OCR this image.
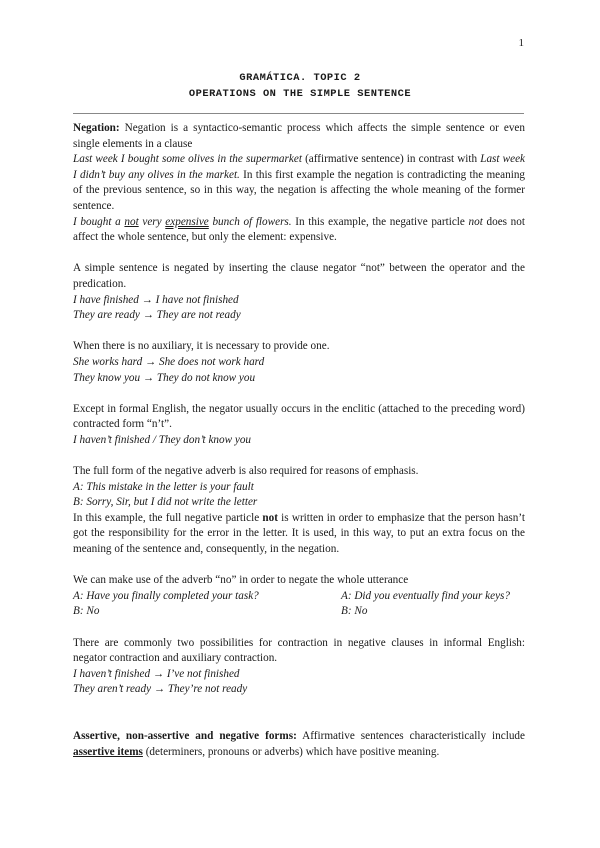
1
GRAMÁTICA. TOPIC 2
OPERATIONS ON THE SIMPLE SENTENCE

Negation: Negation is a syntactico-semantic process which affects the simple sentence or even single elements in a clause

Last week I bought some olives in the supermarket (affirmative sentence) in contrast with Last week I didn’t buy any olives in the market. In this first example the negation is contradicting the meaning of the previous sentence, so in this way, the negation is affecting the whole meaning of the former sentence.

I bought a not very expensive bunch of flowers. In this example, the negative particle not does not affect the whole sentence, but only the element: expensive.

A simple sentence is negated by inserting the clause negator “not” between the operator and the predication.

I have finished → I have not finished

They are ready → They are not ready

When there is no auxiliary, it is necessary to provide one.

She works hard → She does not work hard

They know you → They do not know you

Except in formal English, the negator usually occurs in the enclitic (attached to the preceding word) contracted form “n’t”.

I haven’t finished / They don’t know you

The full form of the negative adverb is also required for reasons of emphasis.

A: This mistake in the letter is your fault

B: Sorry, Sir, but I did not write the letter

In this example, the full negative particle not is written in order to emphasize that the person hasn’t got the responsibility for the error in the letter. It is used, in this way, to put an extra focus on the meaning of the sentence and, consequently, in the negation.

We can make use of the adverb “no” in order to negate the whole utterance

A: Have you finally completed your task?	A: Did you eventually find your keys?
B: No	B: No

There are commonly two possibilities for contraction in negative clauses in informal English: negator contraction and auxiliary contraction.

I haven’t finished → I’ve not finished

They aren’t ready → They’re not ready

Assertive, non-assertive and negative forms: Affirmative sentences characteristically include assertive items (determiners, pronouns or adverbs) which have positive meaning.
